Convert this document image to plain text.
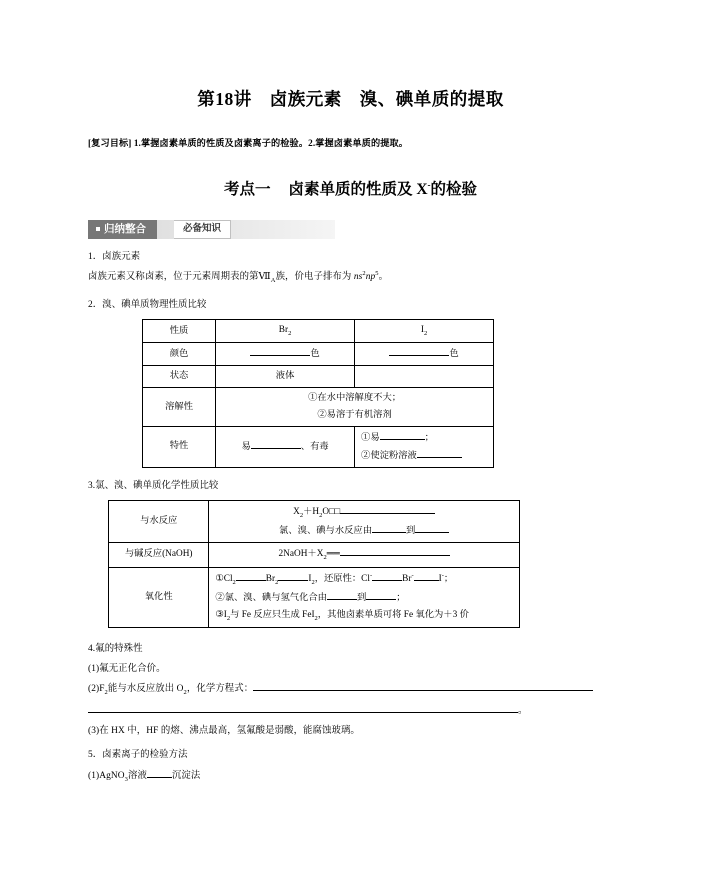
第18讲 卤族元素 溴、碘单质的提取
[复习目标] 1.掌握卤素单质的性质及卤素离子的检验。2.掌握卤素单质的提取。
考点一 卤素单质的性质及 X-的检验
归纳整合	必备知识

1．卤族元素

卤族元素又称卤素，位于元素周期表的第$Ⅶ_A$族，价电子排布为 $ns^2np^5$。

2．溴、碘单质物理性质比较

性质	$Br_2$	$I_2$
颜色	色	色
状态	液体	
溶解性	①在水中溶解度不大；
②易溶于有机溶剂	

特性	易 、有毒	①易 ；
②使淀粉溶液

3.氯、溴、碘单质化学性质比较

与水反应	$X_2+H_2O□□$
氯、溴、碘与水反应由 到

与碱反应(NaOH)	$2NaOH+X_2══$
氧化性	$①Cl_2$ $Br_2$ $I_2$，还原性：Cl- Br- I-；
②氯、溴、碘与氢气化合由 到 ；
$③I_2$与 Fe 反应只生成 FeI$_2$，其他卤素单质可将 Fe 氧化为＋3 价

4.氟的特殊性

(1)氟无正化合价。

$(2)F_2$能与水反应放出 $O_2$，化学方程式：

。

(3)在 HX 中，HF 的熔、沸点最高，氢氟酸是弱酸，能腐蚀玻璃。

5．卤素离子的检验方法

(1)AgNO$_3$溶液	沉淀法
